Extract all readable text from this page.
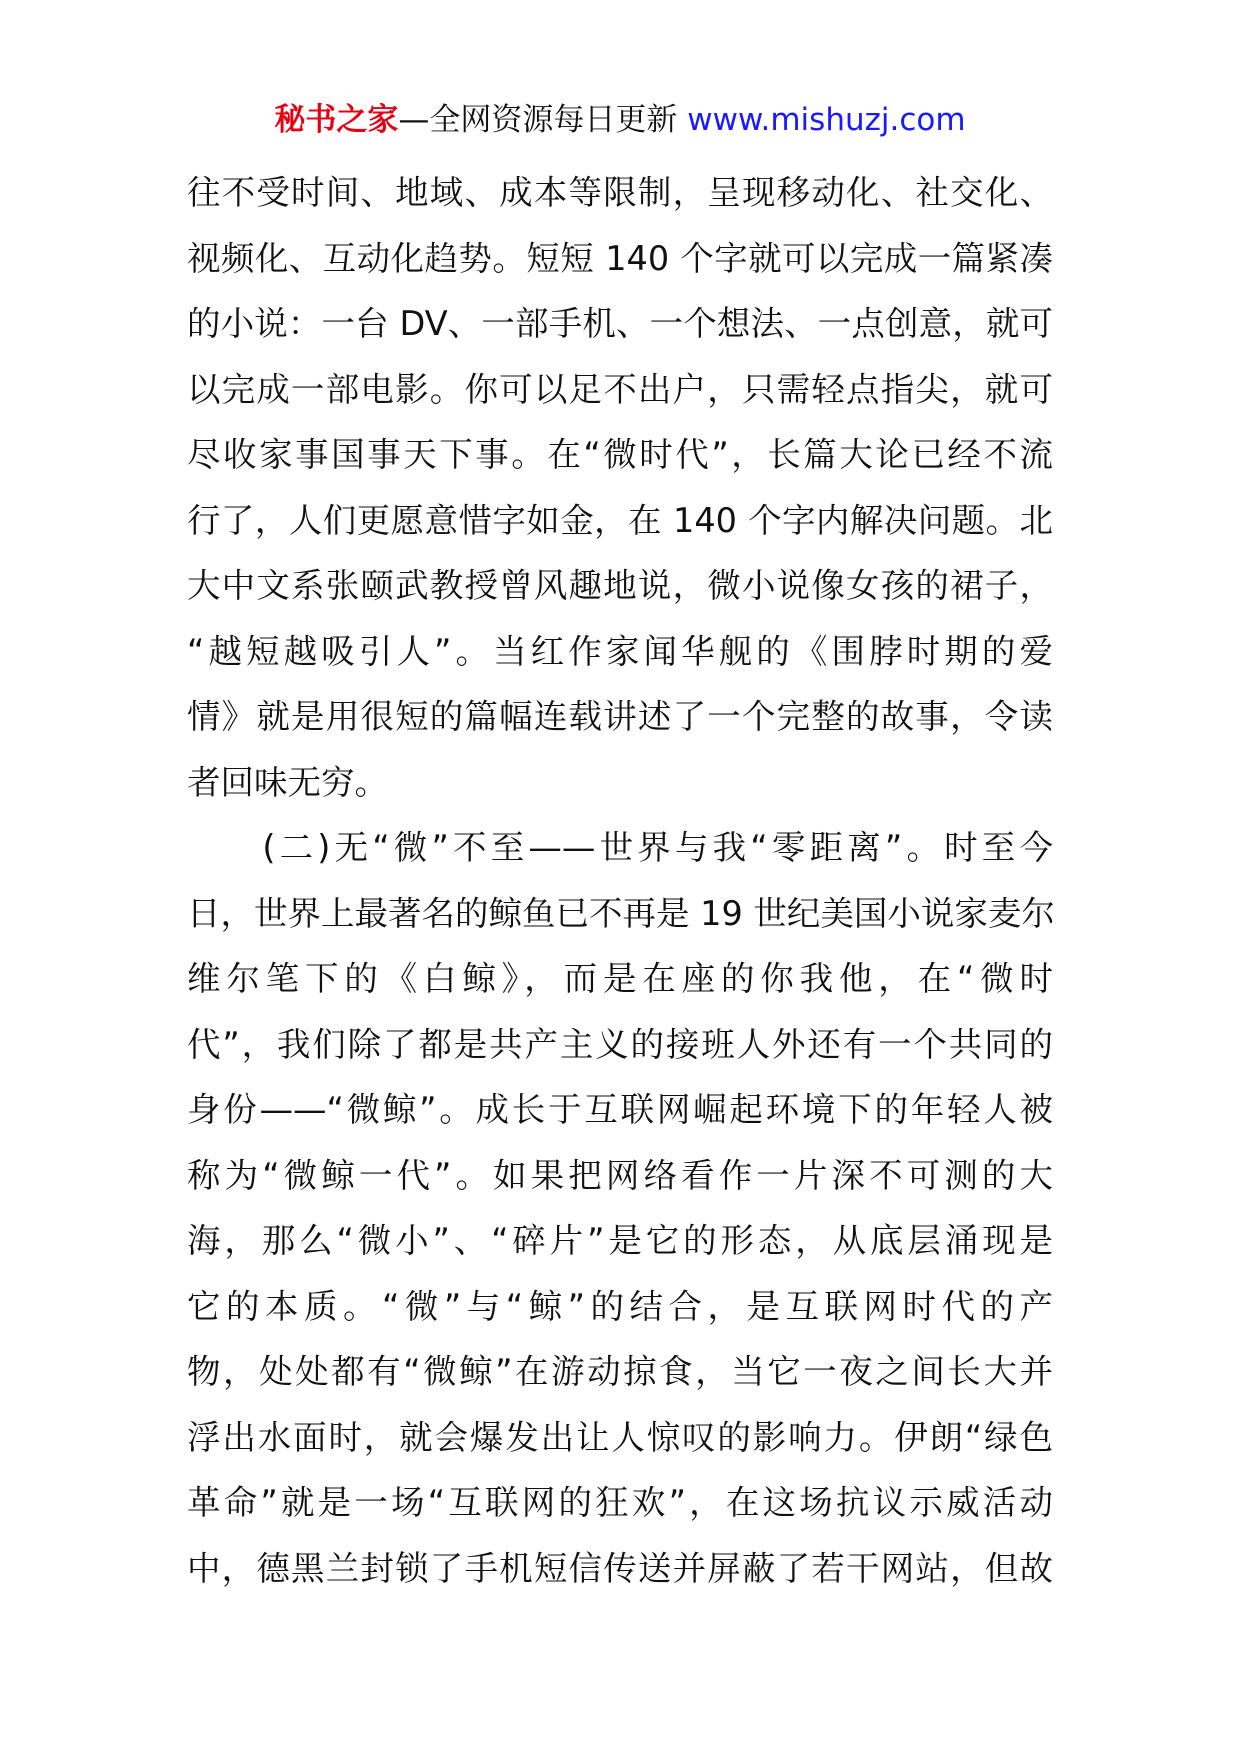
秘书之家—全网资源每日更新 www.mishuzj.com
往不受时间、地域、成本等限制，呈现移动化、社交化、
视频化、互动化趋势。短短 140 个字就可以完成一篇紧凑
的小说：一台 DV、一部手机、一个想法、一点创意，就可
以完成一部电影。你可以足不出户，只需轻点指尖，就可
尽收家事国事天下事。在“微时代”，长篇大论已经不流
行了，人们更愿意惜字如金，在 140 个字内解决问题。北
大中文系张颐武教授曾风趣地说，微小说像女孩的裙子，
“越短越吸引人”。当红作家闻华舰的《围脖时期的爱
情》就是用很短的篇幅连载讲述了一个完整的故事，令读
者回味无穷。
　　(二)无“微”不至——世界与我“零距离”。时至今
日，世界上最著名的鲸鱼已不再是 19 世纪美国小说家麦尔
维尔笔下的《白鲸》，而是在座的你我他，在“微时
代”，我们除了都是共产主义的接班人外还有一个共同的
身份——“微鲸”。成长于互联网崛起环境下的年轻人被
称为“微鲸一代”。如果把网络看作一片深不可测的大
海，那么“微小”、“碎片”是它的形态，从底层涌现是
它的本质。“微”与“鲸”的结合，是互联网时代的产
物，处处都有“微鲸”在游动掠食，当它一夜之间长大并
浮出水面时，就会爆发出让人惊叹的影响力。伊朗“绿色
革命”就是一场“互联网的狂欢”，在这场抗议示威活动
中，德黑兰封锁了手机短信传送并屏蔽了若干网站，但故
